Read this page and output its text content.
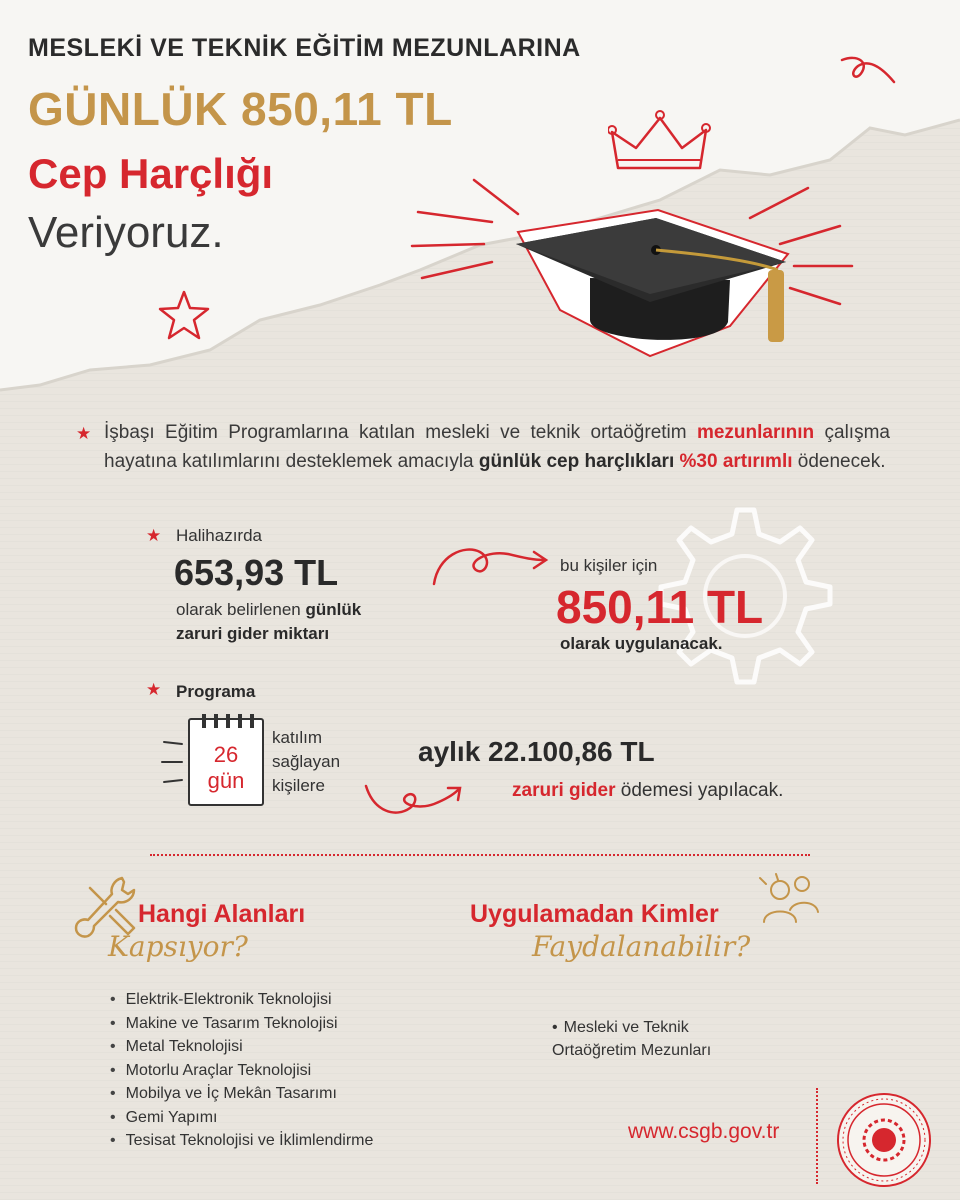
MESLEKİ VE TEKNİK EĞİTİM MEZUNLARINA
GÜNLÜK 850,11 TL
Cep Harçlığı
Veriyoruz.
★ İşbaşı Eğitim Programlarına katılan mesleki ve teknik ortaöğretim mezunlarının çalışma hayatına katılımlarını desteklemek amacıyla günlük cep harçlıkları %30 artırımlı ödenecek.
★ Halihazırda
653,93 TL
olarak belirlenen günlük
zaruri gider miktarı
bu kişiler için
850,11 TL
olarak uygulanacak.
★ Programa
26
gün
katılım
sağlayan
kişilere
aylık 22.100,86 TL
zaruri gider ödemesi yapılacak.
Hangi Alanları
Kapsıyor?
• Elektrik-Elektronik Teknolojisi
• Makine ve Tasarım Teknolojisi
• Metal Teknolojisi
• Motorlu Araçlar Teknolojisi
• Mobilya ve İç Mekân Tasarımı
• Gemi Yapımı
• Tesisat Teknolojisi ve İklimlendirme
Uygulamadan Kimler
Faydalanabilir?
• Mesleki ve Teknik
Ortaöğretim Mezunları
www.csgb.gov.tr
